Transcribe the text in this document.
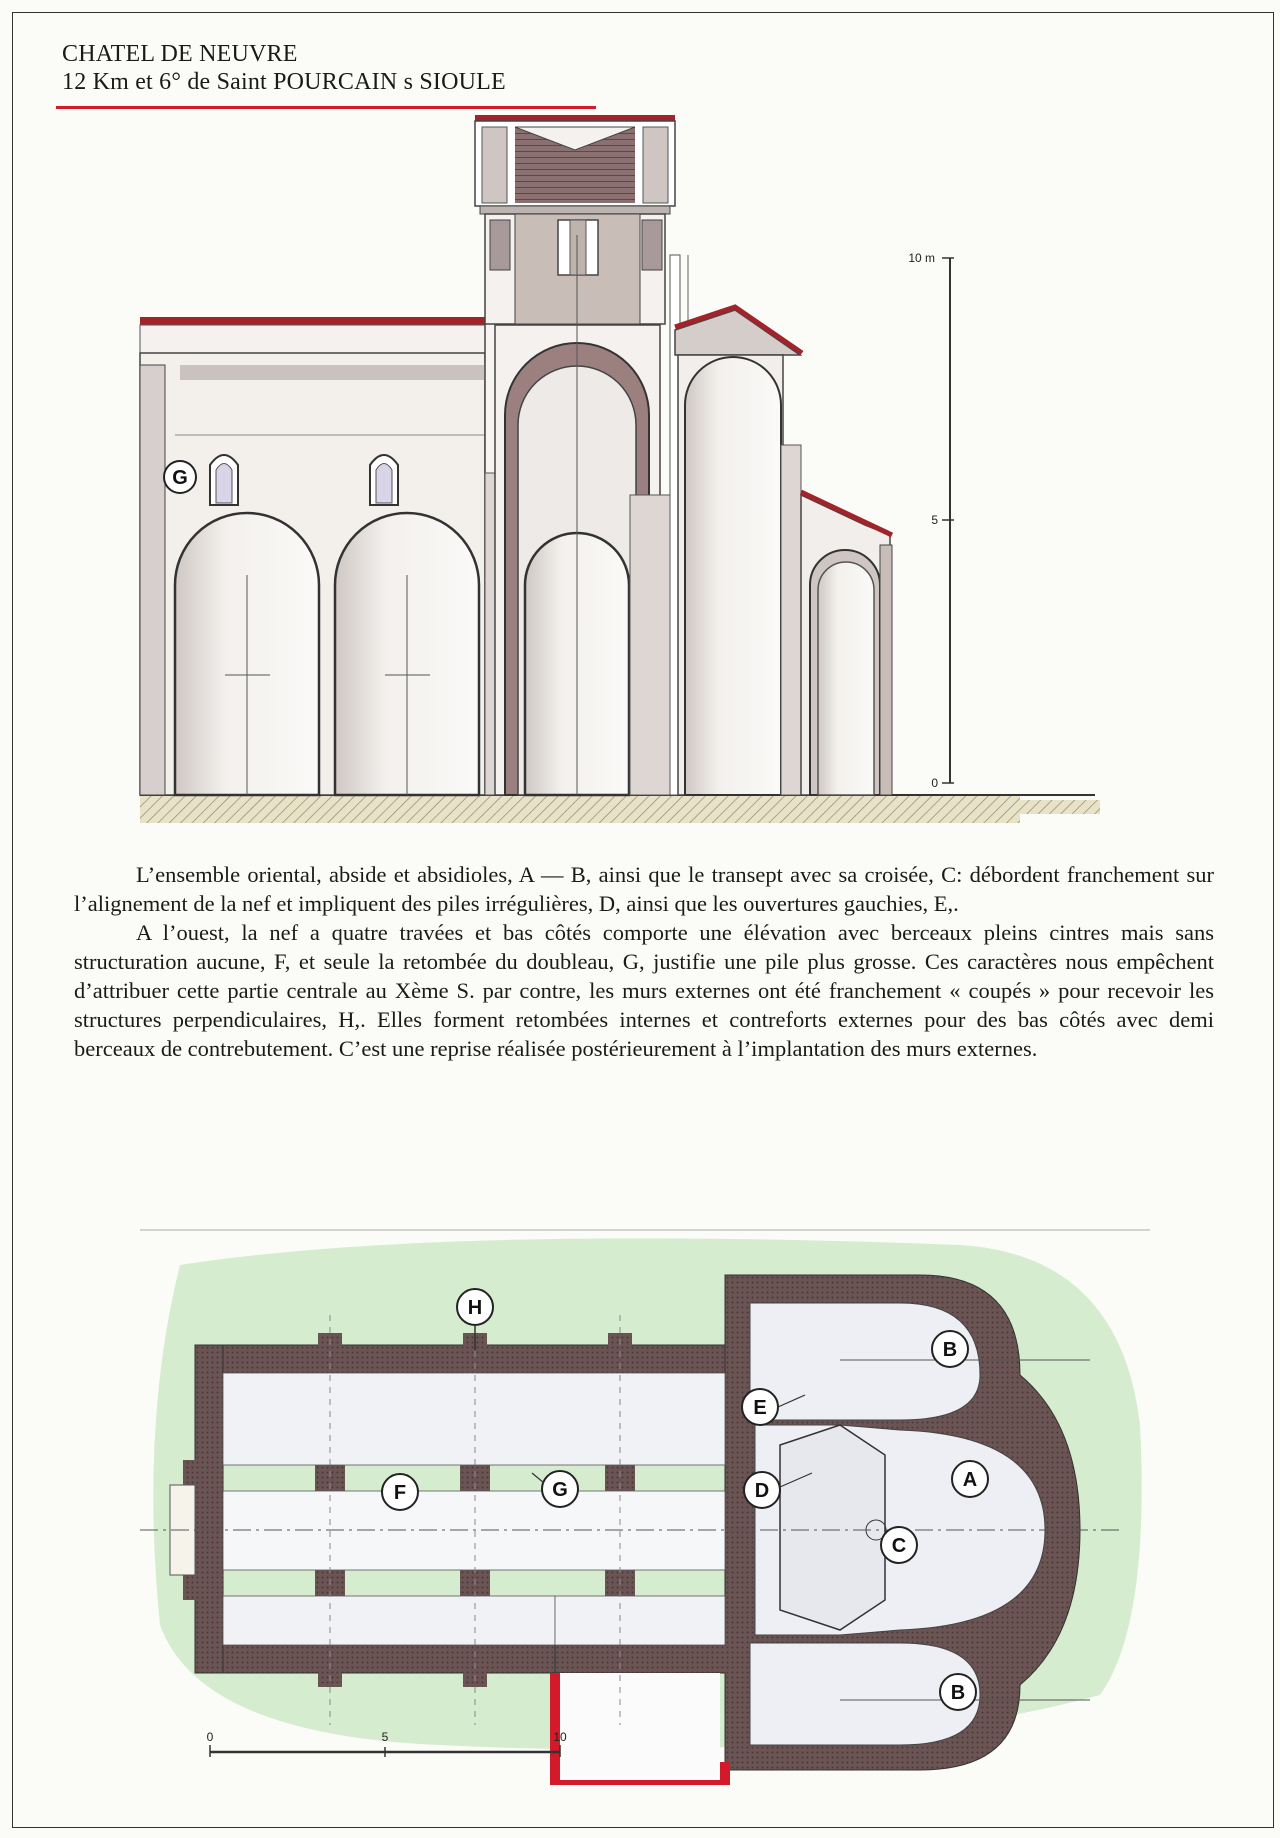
CHATEL DE NEUVRE
12 Km et 6° de Saint POURCAIN s SIOULE
G
10 m
5
0

L’ensemble oriental, abside et absidioles, A — B, ainsi que le transept avec sa croisée, C: débordent franchement sur l’alignement de la nef et impliquent des piles irrégulières, D, ainsi que les ouvertures gauchies, E,.

A l’ouest, la nef a quatre travées et bas côtés comporte une élévation avec berceaux pleins cintres mais sans structuration aucune, F, et seule la retombée du doubleau, G, justifie une pile plus grosse. Ces caractères nous empêchent d’attribuer cette partie centrale au Xème S. par contre, les murs externes ont été franchement « coupés » pour recevoir les structures perpendiculaires, H,. Elles forment retombées internes et contreforts externes pour des bas côtés avec demi berceaux de contrebutement. C’est une reprise réalisée postérieurement à l’implantation des murs externes.

H
B
E
A
F	G	D
C
B
0	5	10
